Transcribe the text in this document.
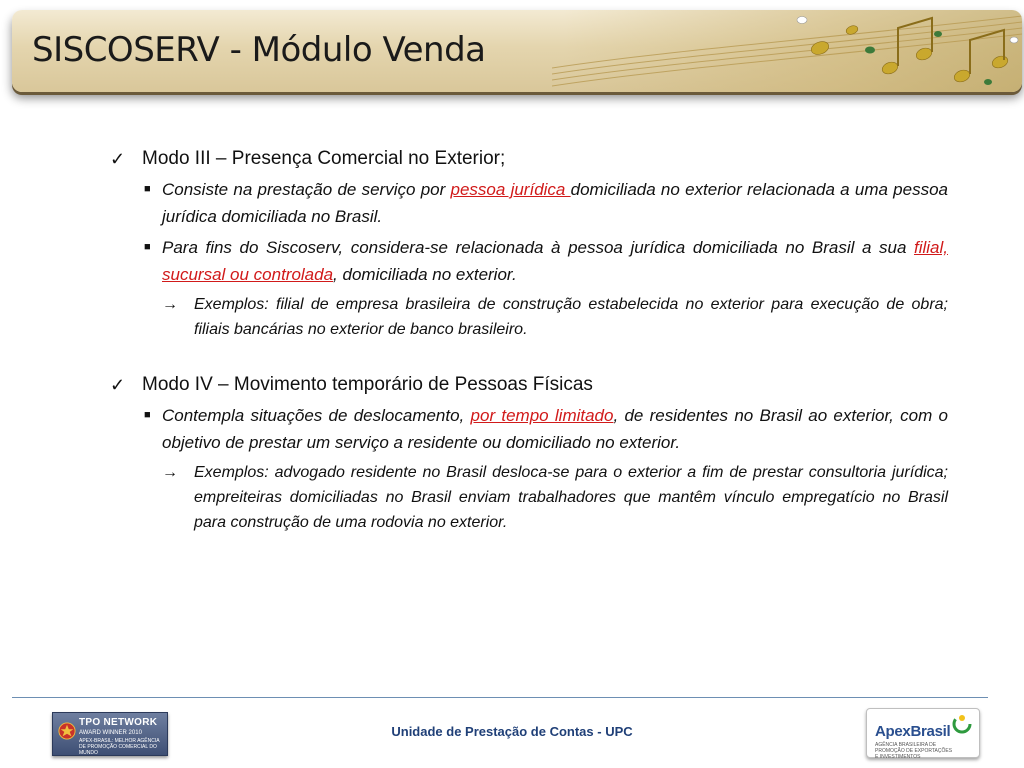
SISCOSERV - Módulo Venda

✓ Modo III – Presença Comercial no Exterior;

■ Consiste na prestação de serviço por pessoa jurídica domiciliada no exterior relacionada a uma pessoa jurídica domiciliada no Brasil.

■ Para fins do Siscoserv, considera-se relacionada à pessoa jurídica domiciliada no Brasil a sua filial, sucursal ou controlada, domiciliada no exterior.

→ Exemplos: filial de empresa brasileira de construção estabelecida no exterior para execução de obra; filiais bancárias no exterior de banco brasileiro.

✓ Modo IV – Movimento temporário de Pessoas Físicas

■ Contempla situações de deslocamento, por tempo limitado, de residentes no Brasil ao exterior, com o objetivo de prestar um serviço a residente ou domiciliado no exterior.

→ Exemplos: advogado residente no Brasil desloca-se para o exterior a fim de prestar consultoria jurídica; empreiteiras domiciliadas no Brasil enviam trabalhadores que mantêm vínculo empregatício no Brasil para construção de uma rodovia no exterior.

TPO NETWORK
AWARD WINNER 2010
APEX-BRASIL: MELHOR AGÊNCIA DE PROMOÇÃO COMERCIAL DO MUNDO
Unidade de Prestação de Contas - UPC	ApexBrasil
AGÊNCIA BRASILEIRA DE PROMOÇÃO DE EXPORTAÇÕES E INVESTIMENTOS
